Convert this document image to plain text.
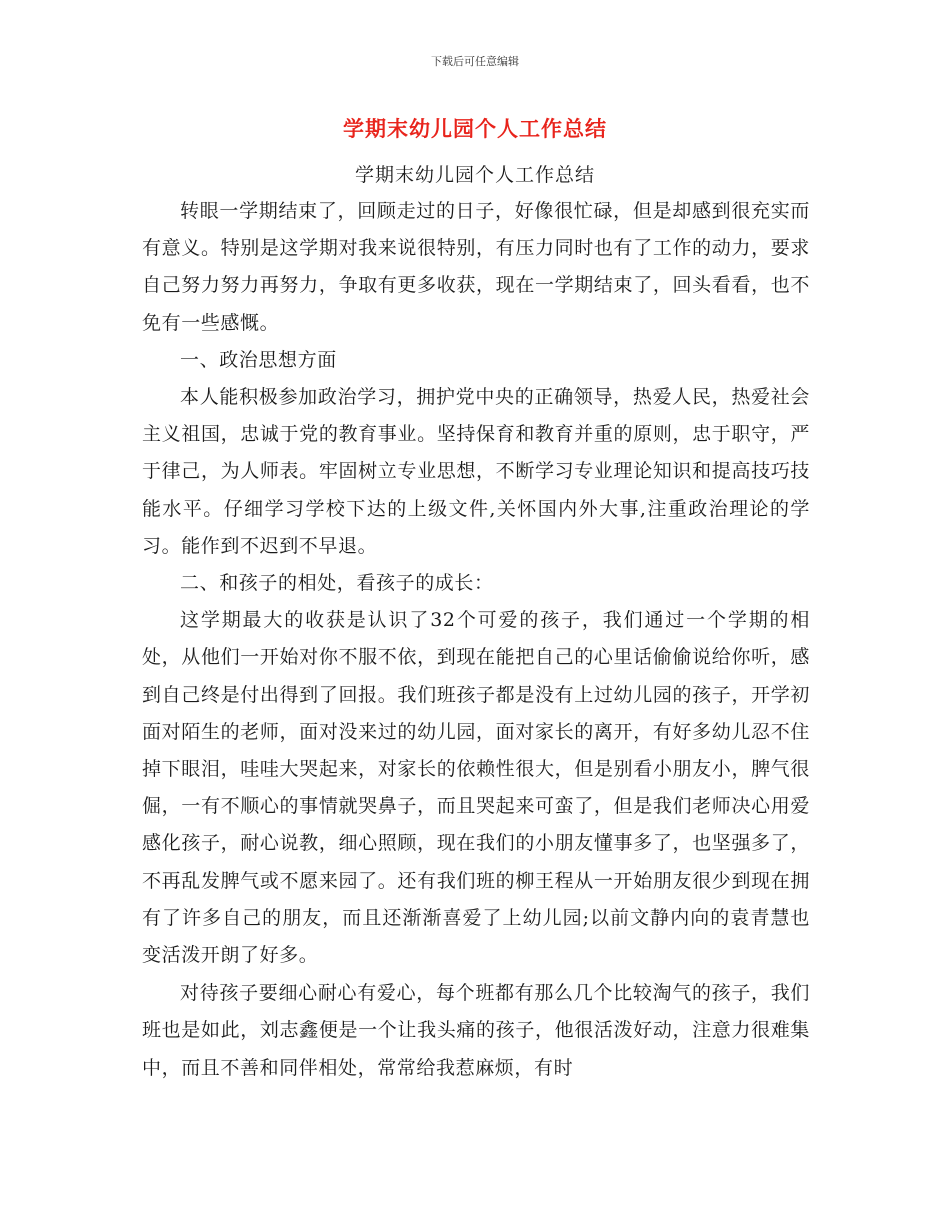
下载后可任意编辑
学期末幼儿园个人工作总结
学期末幼儿园个人工作总结

转眼一学期结束了，回顾走过的日子，好像很忙碌，但是却感到很充实而有意义。特别是这学期对我来说很特别，有压力同时也有了工作的动力，要求自己努力努力再努力，争取有更多收获，现在一学期结束了，回头看看，也不免有一些感慨。

一、政治思想方面

本人能积极参加政治学习，拥护党中央的正确领导，热爱人民，热爱社会主义祖国，忠诚于党的教育事业。坚持保育和教育并重的原则，忠于职守，严于律己，为人师表。牢固树立专业思想，不断学习专业理论知识和提高技巧技能水平。仔细学习学校下达的上级文件,关怀国内外大事,注重政治理论的学习。能作到不迟到不早退。

二、和孩子的相处，看孩子的成长：

这学期最大的收获是认识了32个可爱的孩子，我们通过一个学期的相处，从他们一开始对你不服不依，到现在能把自己的心里话偷偷说给你听，感到自己终是付出得到了回报。我们班孩子都是没有上过幼儿园的孩子，开学初面对陌生的老师，面对没来过的幼儿园，面对家长的离开，有好多幼儿忍不住掉下眼泪，哇哇大哭起来，对家长的依赖性很大，但是别看小朋友小，脾气很倔，一有不顺心的事情就哭鼻子，而且哭起来可蛮了，但是我们老师决心用爱感化孩子，耐心说教，细心照顾，现在我们的小朋友懂事多了，也坚强多了，不再乱发脾气或不愿来园了。还有我们班的柳王程从一开始朋友很少到现在拥有了许多自己的朋友，而且还渐渐喜爱了上幼儿园;以前文静内向的袁青慧也变活泼开朗了好多。

对待孩子要细心耐心有爱心，每个班都有那么几个比较淘气的孩子，我们班也是如此，刘志鑫便是一个让我头痛的孩子，他很活泼好动，注意力很难集中，而且不善和同伴相处，常常给我惹麻烦，有时
